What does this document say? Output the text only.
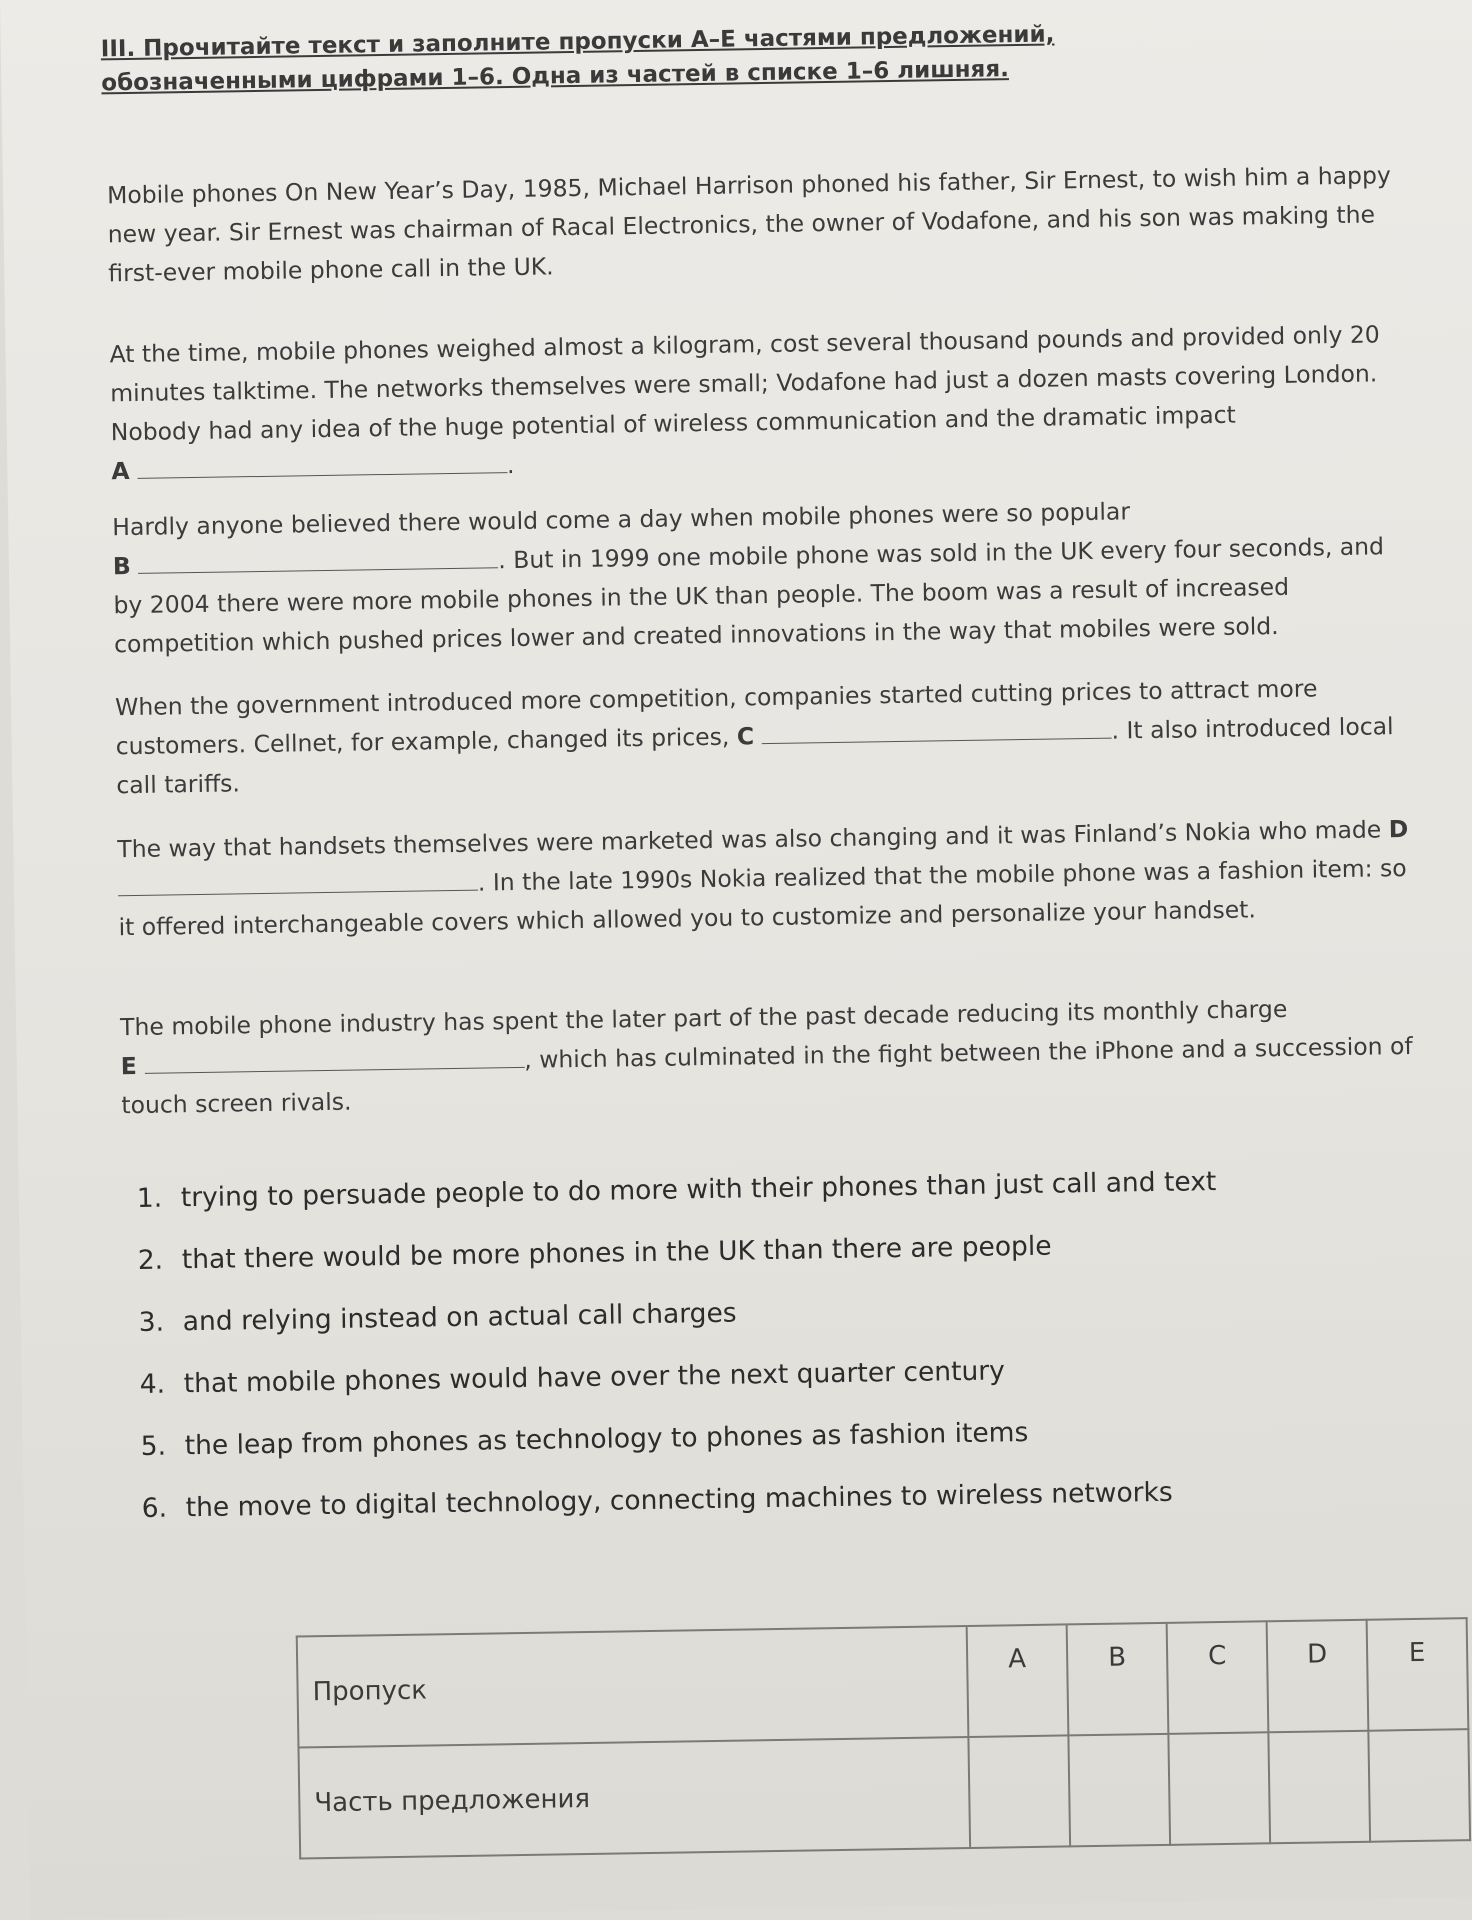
III. Прочитайте текст и заполните пропуски A–E частями предложений, обозначенными цифрами 1–6. Одна из частей в списке 1–6 лишняя.
Mobile phones On New Year’s Day, 1985, Michael Harrison phoned his father, Sir Ernest, to wish him a happy new year. Sir Ernest was chairman of Racal Electronics, the owner of Vodafone, and his son was making the first-ever mobile phone call in the UK.
At the time, mobile phones weighed almost a kilogram, cost several thousand pounds and provided only 20 minutes talktime. The networks themselves were small; Vodafone had just a dozen masts covering London. Nobody had any idea of the huge potential of wireless communication and the dramatic impact
A	.
Hardly anyone believed there would come a day when mobile phones were so popular
B	. But in 1999 one mobile phone was sold in the UK every four seconds, and by 2004 there were more mobile phones in the UK than people. The boom was a result of increased competition which pushed prices lower and created innovations in the way that mobiles were sold.
When the government introduced more competition, companies started cutting prices to attract more customers. Cellnet, for example, changed its prices, C	. It also introduced local call tariffs.
The way that handsets themselves were marketed was also changing and it was Finland’s Nokia who made D . In the late 1990s Nokia realized that the mobile phone was a fashion item: so it offered interchangeable covers which allowed you to customize and personalize your handset.
The mobile phone industry has spent the later part of the past decade reducing its monthly charge
E	, which has culminated in the fight between the iPhone and a succession of touch screen rivals.
1. trying to persuade people to do more with their phones than just call and text
2. that there would be more phones in the UK than there are people
3. and relying instead on actual call charges
4. that mobile phones would have over the next quarter century
5. the leap from phones as technology to phones as fashion items
6. the move to digital technology, connecting machines to wireless networks
Пропуск	A	B	C	D	E
Часть предложения					
